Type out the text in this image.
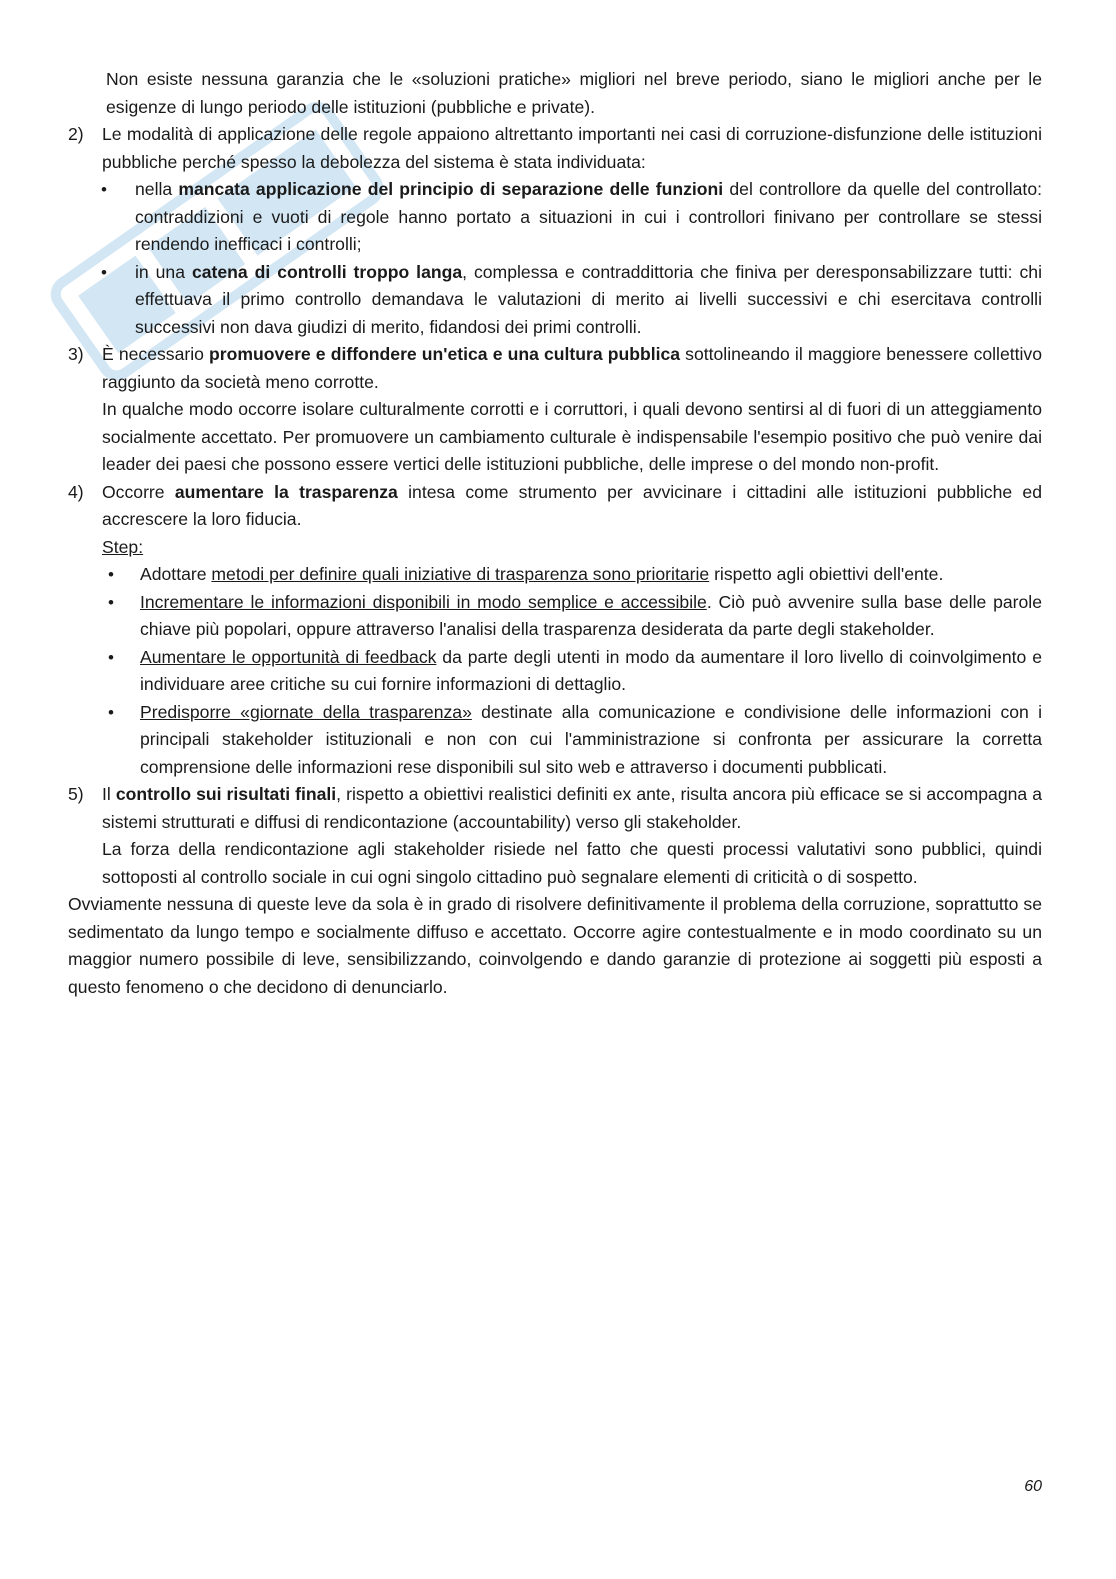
Non esiste nessuna garanzia che le «soluzioni pratiche» migliori nel breve periodo, siano le migliori anche per le esigenze di lungo periodo delle istituzioni (pubbliche e private).

2) Le modalità di applicazione delle regole appaiono altrettanto importanti nei casi di corruzione-disfunzione delle istituzioni pubbliche perché spesso la debolezza del sistema è stata individuata:

• nella mancata applicazione del principio di separazione delle funzioni del controllore da quelle del controllato: contraddizioni e vuoti di regole hanno portato a situazioni in cui i controllori finivano per controllare se stessi rendendo inefficaci i controlli;

• in una catena di controlli troppo langa, complessa e contraddittoria che finiva per deresponsabilizzare tutti: chi effettuava il primo controllo demandava le valutazioni di merito ai livelli successivi e chi esercitava controlli successivi non dava giudizi di merito, fidandosi dei primi controlli.

3) È necessario promuovere e diffondere un'etica e una cultura pubblica sottolineando il maggiore benessere collettivo raggiunto da società meno corrotte.

In qualche modo occorre isolare culturalmente corrotti e i corruttori, i quali devono sentirsi al di fuori di un atteggiamento socialmente accettato. Per promuovere un cambiamento culturale è indispensabile l'esempio positivo che può venire dai leader dei paesi che possono essere vertici delle istituzioni pubbliche, delle imprese o del mondo non-profit.

4) Occorre aumentare la trasparenza intesa come strumento per avvicinare i cittadini alle istituzioni pubbliche ed accrescere la loro fiducia.

Step:

• Adottare metodi per definire quali iniziative di trasparenza sono prioritarie rispetto agli obiettivi dell'ente.

• Incrementare le informazioni disponibili in modo semplice e accessibile. Ciò può avvenire sulla base delle parole chiave più popolari, oppure attraverso l'analisi della trasparenza desiderata da parte degli stakeholder.

• Aumentare le opportunità di feedback da parte degli utenti in modo da aumentare il loro livello di coinvolgimento e individuare aree critiche su cui fornire informazioni di dettaglio.

• Predisporre «giornate della trasparenza» destinate alla comunicazione e condivisione delle informazioni con i principali stakeholder istituzionali e non con cui l'amministrazione si confronta per assicurare la corretta comprensione delle informazioni rese disponibili sul sito web e attraverso i documenti pubblicati.

5) Il controllo sui risultati finali, rispetto a obiettivi realistici definiti ex ante, risulta ancora più efficace se si accompagna a sistemi strutturati e diffusi di rendicontazione (accountability) verso gli stakeholder.

La forza della rendicontazione agli stakeholder risiede nel fatto che questi processi valutativi sono pubblici, quindi sottoposti al controllo sociale in cui ogni singolo cittadino può segnalare elementi di criticità o di sospetto.

Ovviamente nessuna di queste leve da sola è in grado di risolvere definitivamente il problema della corruzione, soprattutto se sedimentato da lungo tempo e socialmente diffuso e accettato. Occorre agire contestualmente e in modo coordinato su un maggior numero possibile di leve, sensibilizzando, coinvolgendo e dando garanzie di protezione ai soggetti più esposti a questo fenomeno o che decidono di denunciarlo.

60
